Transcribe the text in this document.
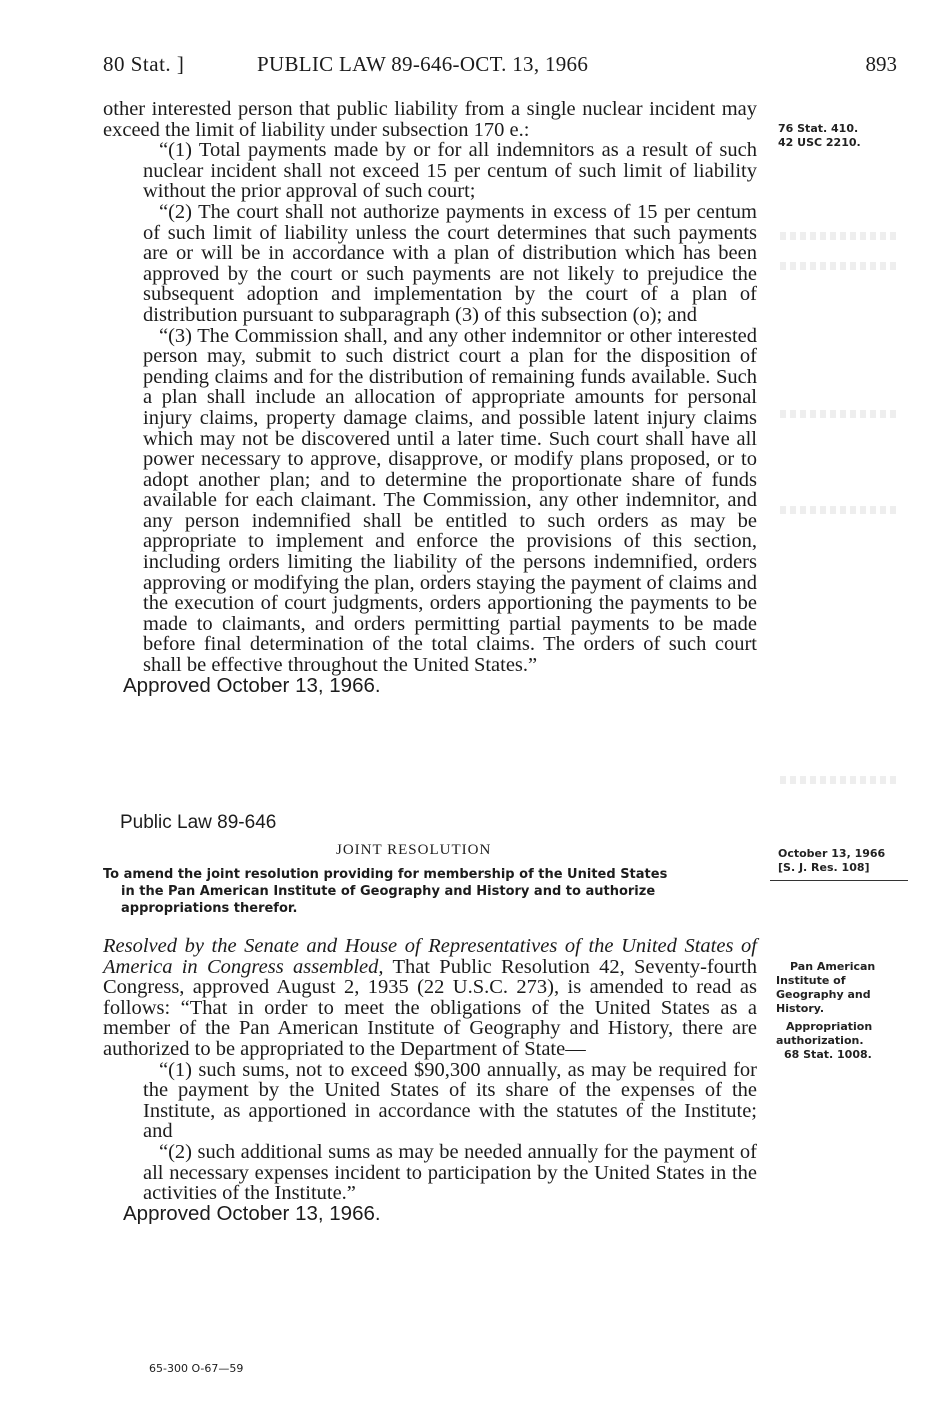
80 Stat. ]	PUBLIC LAW 89-646-OCT. 13, 1966	893

other interested person that public liability from a single nuclear incident may exceed the limit of liability under subsection 170 e.:

“(1) Total payments made by or for all indemnitors as a result of such nuclear incident shall not exceed 15 per centum of such limit of liability without the prior approval of such court;

“(2) The court shall not authorize payments in excess of 15 per centum of such limit of liability unless the court determines that such payments are or will be in accordance with a plan of distribution which has been approved by the court or such payments are not likely to prejudice the subsequent adoption and implementation by the court of a plan of distribution pursuant to subparagraph (3) of this subsection (o); and

“(3) The Commission shall, and any other indemnitor or other interested person may, submit to such district court a plan for the disposition of pending claims and for the distribution of remaining funds available. Such a plan shall include an allocation of appropriate amounts for personal injury claims, property damage claims, and possible latent injury claims which may not be discovered until a later time. Such court shall have all power necessary to approve, disapprove, or modify plans proposed, or to adopt another plan; and to determine the proportionate share of funds available for each claimant. The Commission, any other indemnitor, and any person indemnified shall be entitled to such orders as may be appropriate to implement and enforce the provisions of this section, including orders limiting the liability of the persons indemnified, orders approving or modifying the plan, orders staying the payment of claims and the execution of court judgments, orders apportioning the payments to be made to claimants, and orders permitting partial payments to be made before final determination of the total claims. The orders of such court shall be effective throughout the United States.”

Approved October 13, 1966.

76 Stat. 410.
42 USC 2210.
Public Law 89-646
JOINT RESOLUTION	October 13, 1966
[S. J. Res. 108]
To amend the joint resolution providing for membership of the United States
in the Pan American Institute of Geography and History and to authorize appropriations therefor.

Resolved by the Senate and House of Representatives of the United States of America in Congress assembled, That Public Resolution 42, Seventy-fourth Congress, approved August 2, 1935 (22 U.S.C. 273), is amended to read as follows: “That in order to meet the obligations of the United States as a member of the Pan American Institute of Geography and History, there are authorized to be appropriated to the Department of State—

“(1) such sums, not to exceed $90,300 annually, as may be required for the payment by the United States of its share of the expenses of the Institute, as apportioned in accordance with the statutes of the Institute; and

“(2) such additional sums as may be needed annually for the payment of all necessary expenses incident to participation by the United States in the activities of the Institute.”

Approved October 13, 1966.

Pan American
Institute of
Geography and
History.
Appropriation
authorization.
68 Stat. 1008.
65-300 O-67—59
